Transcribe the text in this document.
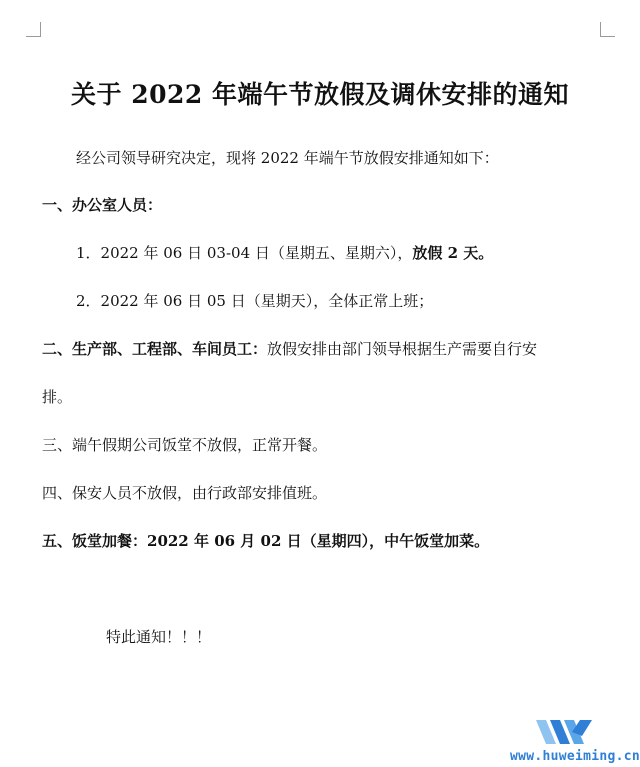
关于 2022 年端午节放假及调休安排的通知
经公司领导研究决定，现将 2022 年端午节放假安排通知如下：
一、办公室人员：
1．2022 年 06 日 03-04 日（星期五、星期六），放假 2 天。
2．2022 年 06 日 05 日（星期天），全体正常上班；
二、生产部、工程部、车间员工：放假安排由部门领导根据生产需要自行安
排。
三、端午假期公司饭堂不放假，正常开餐。
四、保安人员不放假，由行政部安排值班。
五、饭堂加餐：2022 年 06 月 02 日（星期四），中午饭堂加菜。
特此通知！！！
www.huweiming.cn
